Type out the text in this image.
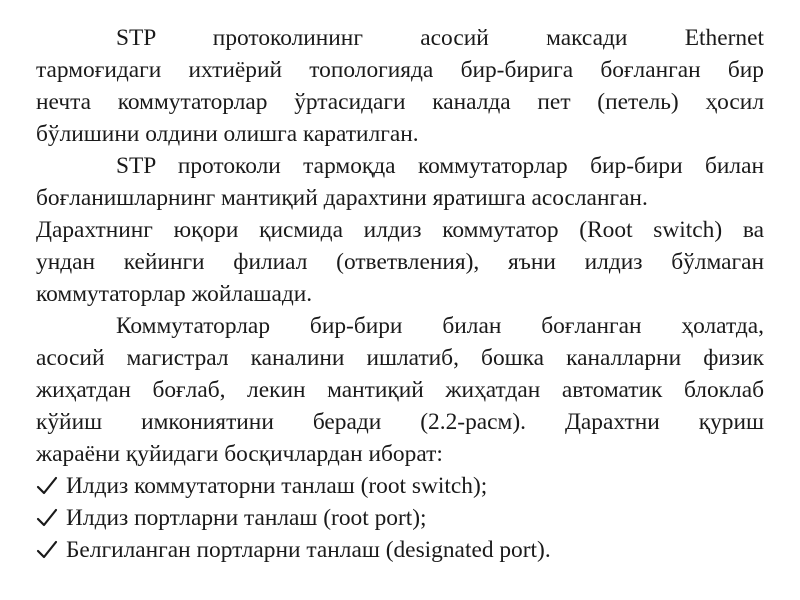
STP протоколининг асосий максади Ethernet
тармоғидаги ихтиёрий топологияда бир-бирига боғланган бир
нечта коммутаторлар ўртасидаги каналда пет (петель) ҳосил
бўлишини олдини олишга каратилган.
STP протоколи тармоқда коммутаторлар бир-бири билан
боғланишларнинг мантиқий дарахтини яратишга асосланган.
Дарахтнинг юқори қисмида илдиз коммутатор (Root switch) ва
ундан кейинги филиал (ответвления), яъни илдиз бўлмаган
коммутаторлар жойлашади.
Коммутаторлар бир-бири билан боғланган ҳолатда,
асосий магистрал каналини ишлатиб, бошка каналларни физик
жиҳатдан боғлаб, лекин мантиқий жиҳатдан автоматик блоклаб
кўйиш имкониятини беради (2.2-расм). Дарахтни қуриш
жараёни қуйидаги босқичлардан иборат:
Илдиз коммутаторни танлаш (root switch);
Илдиз портларни танлаш (root port);
Белгиланган портларни танлаш (designated port).
